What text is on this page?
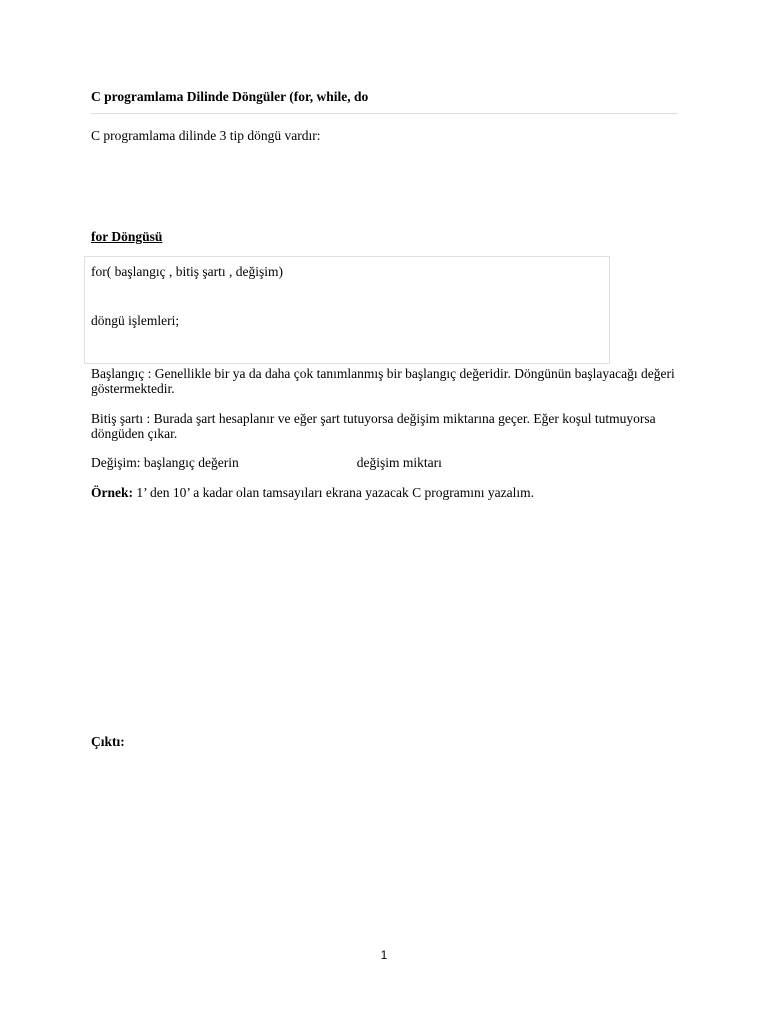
C programlama Dilinde Döngüler (for, while, do
C programlama dilinde 3 tip döngü vardır:
for Döngüsü
for( başlangıç , bitiş şartı , değişim)
döngü işlemleri;
Başlangıç : Genellikle bir ya da daha çok tanımlanmış bir başlangıç değeridir. Döngünün başlayacağı değeri göstermektedir.
Bitiş şartı : Burada şart hesaplanır ve eğer şart tutuyorsa değişim miktarına geçer. Eğer koşul tutmuyorsa döngüden çıkar.
Değişim: başlangıç değerin	değişim miktarı
Örnek: 1’ den 10’ a kadar olan tamsayıları ekrana yazacak C programını yazalım.
Çıktı:
1
